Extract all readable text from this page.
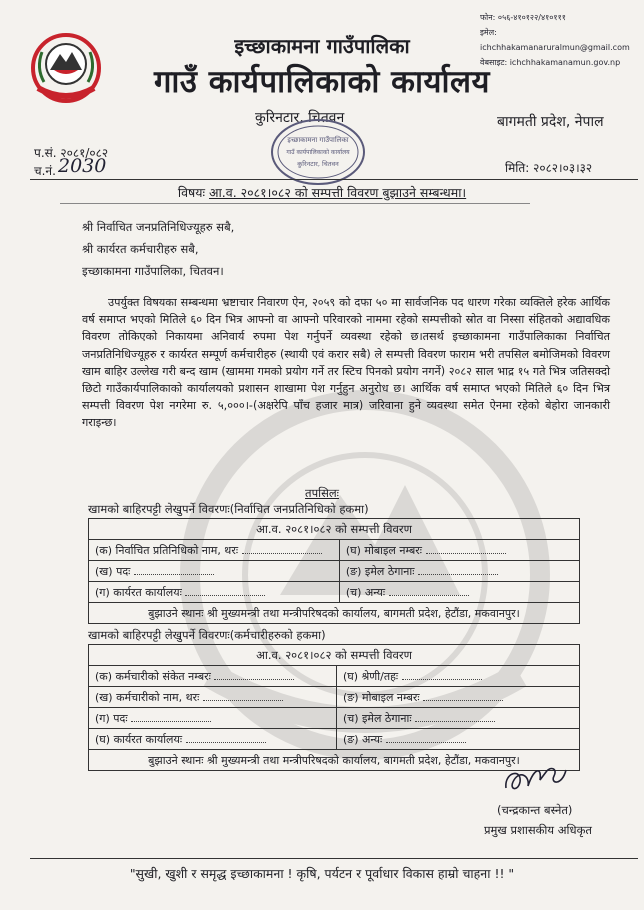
फोन: ०५६-४१०१२२/४१०१११
इमेल: ichchhakamanaruralmun@gmail.com
वेबसाइट: ichchhakamanamun.gov.np
इच्छाकामना गाउँपालिका
गाउँ कार्यपालिकाको कार्यालय
कुरिनटार, चितवन	बागमती प्रदेश, नेपाल
इच्छाकामना गाउँपालिका
गाउँ कार्यपालिकाको कार्यालय
कुरिनटार, चितवन
प.सं. २०८१/०८२
च.नं. 2030	मिति: २०८२।०३।३२
विषयः आ.व. २०८१।०८२ को सम्पत्ती विवरण बुझाउने सम्बन्धमा।
श्री निर्वाचित जनप्रतिनिधिज्यूहरु सबै,
श्री कार्यरत कर्मचारीहरु सबै,
इच्छाकामना गाउँपालिका, चितवन।
उपर्युक्त विषयका सम्बन्धमा भ्रष्टाचार निवारण ऐन, २०५९ को दफा ५० मा सार्वजनिक पद धारण गरेका व्यक्तिले हरेक आर्थिक वर्ष समाप्त भएको मितिले ६० दिन भित्र आफ्नो वा आफ्नो परिवारको नाममा रहेको सम्पत्तीको स्रोत वा निस्सा संहितको अद्यावधिक विवरण तोकिएको निकायमा अनिवार्य रुपमा पेश गर्नुपर्ने व्यवस्था रहेको छ।तसर्थ इच्छाकामना गाउँपालिकाका निर्वाचित जनप्रतिनिधिज्यूहरु र कार्यरत सम्पूर्ण कर्मचारीहरु (स्थायी एवं करार सबै) ले सम्पत्ती विवरण फाराम भरी तपसिल बमोजिमको विवरण खाम बाहिर उल्लेख गरी बन्द खाम (खाममा गमको प्रयोग गर्ने तर स्टिच पिनको प्रयोग नगर्ने) २०८२ साल भाद्र १५ गते भित्र जतिसक्दो छिटो गाउँकार्यपालिकाको कार्यालयको प्रशासन शाखामा पेश गर्नुहुन अनुरोध छ। आर्थिक वर्ष समाप्त भएको मितिले ६० दिन भित्र सम्पत्ती विवरण पेश नगरेमा रु. ५,०००।-(अक्षरेपि पाँच हजार मात्र) जरिवाना हुने व्यवस्था समेत ऐनमा रहेको बेहोरा जानकारी गराइन्छ।
तपसिलः
खामको बाहिरपट्टी लेखुपर्ने विवरणः(निर्वाचित जनप्रतिनिधिको हकमा)
आ.व. २०८१।०८२ को सम्पत्ती विवरण	
(क) निर्वाचित प्रतिनिधिको नाम, थरः	(घ) मोबाइल नम्बरः
(ख) पदः	(ङ) इमेल ठेगानाः
(ग) कार्यरत कार्यालयः	(च) अन्यः
बुझाउने स्थानः श्री मुख्यमन्त्री तथा मन्त्रीपरिषदको कार्यालय, बागमती प्रदेश, हेटौंडा, मकवानपुर।	
खामको बाहिरपट्टी लेखुपर्ने विवरणः(कर्मचारीहरुको हकमा)
आ.व. २०८१।०८२ को सम्पत्ती विवरण	
(क) कर्मचारीको संकेत नम्बरः	(घ) श्रेणी/तहः
(ख) कर्मचारीको नाम, थरः	(ङ) मोबाइल नम्बरः
(ग) पदः	(च) इमेल ठेगानाः
(घ) कार्यरत कार्यालयः	(ङ) अन्यः
बुझाउने स्थानः श्री मुख्यमन्त्री तथा मन्त्रीपरिषदको कार्यालय, बागमती प्रदेश, हेटौंडा, मकवानपुर।	
(चन्द्रकान्त बस्नेत)
प्रमुख प्रशासकीय अधिकृत
"सुखी, खुशी र समृद्ध इच्छाकामना ! कृषि, पर्यटन र पूर्वाधार विकास हाम्रो चाहना !! "
